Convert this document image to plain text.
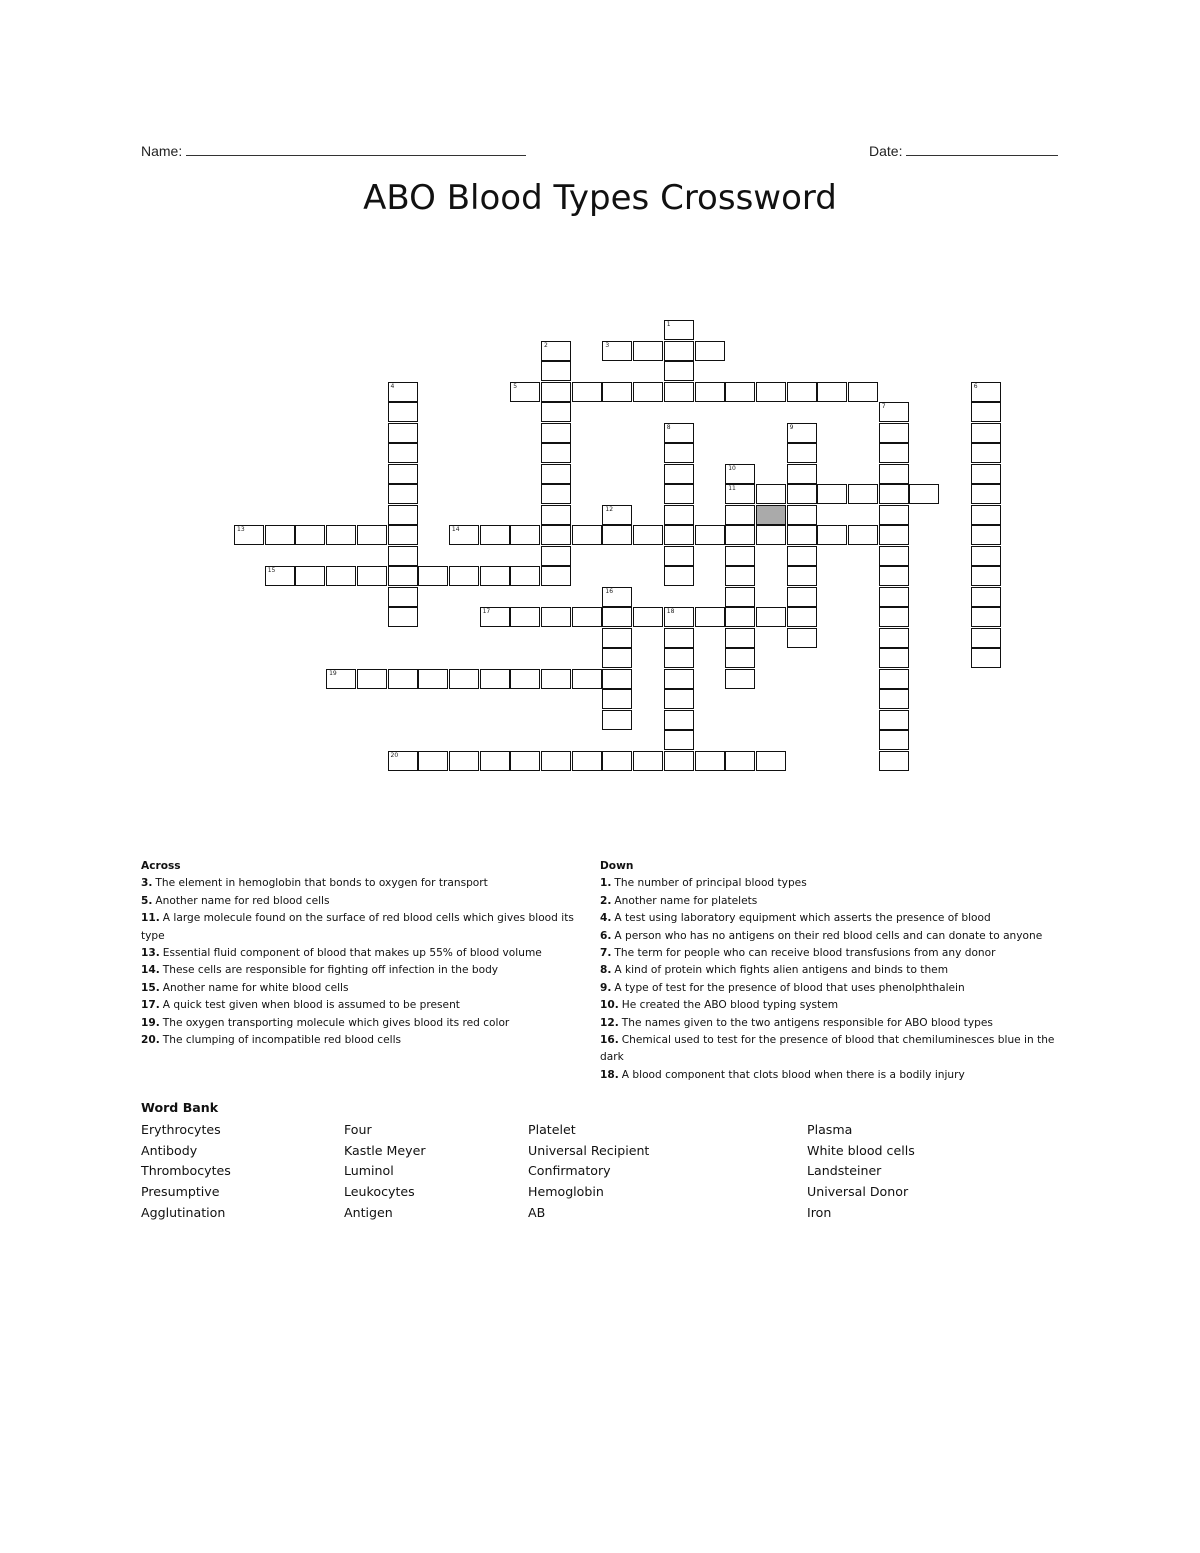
Name:	Date:
ABO Blood Types Crossword
1
2	3
4	5	6
7
8	9
10
11
12
13	14
15
16
17	18
19
20
Across
3. The element in hemoglobin that bonds to oxygen for transport
5. Another name for red blood cells
11. A large molecule found on the surface of red blood cells which gives blood its type
13. Essential fluid component of blood that makes up 55% of blood volume
14. These cells are responsible for fighting off infection in the body
15. Another name for white blood cells
17. A quick test given when blood is assumed to be present
19. The oxygen transporting molecule which gives blood its red color
20. The clumping of incompatible red blood cells
Down
1. The number of principal blood types
2. Another name for platelets
4. A test using laboratory equipment which asserts the presence of blood
6. A person who has no antigens on their red blood cells and can donate to anyone
7. The term for people who can receive blood transfusions from any donor
8. A kind of protein which fights alien antigens and binds to them
9. A type of test for the presence of blood that uses phenolphthalein
10. He created the ABO blood typing system
12. The names given to the two antigens responsible for ABO blood types
16. Chemical used to test for the presence of blood that chemiluminesces blue in the dark
18. A blood component that clots blood when there is a bodily injury
Word Bank
Erythrocytes
Antibody
Thrombocytes
Presumptive
Agglutination
Four
Kastle Meyer
Luminol
Leukocytes
Antigen
Platelet
Universal Recipient
Confirmatory
Hemoglobin
AB
Plasma
White blood cells
Landsteiner
Universal Donor
Iron
